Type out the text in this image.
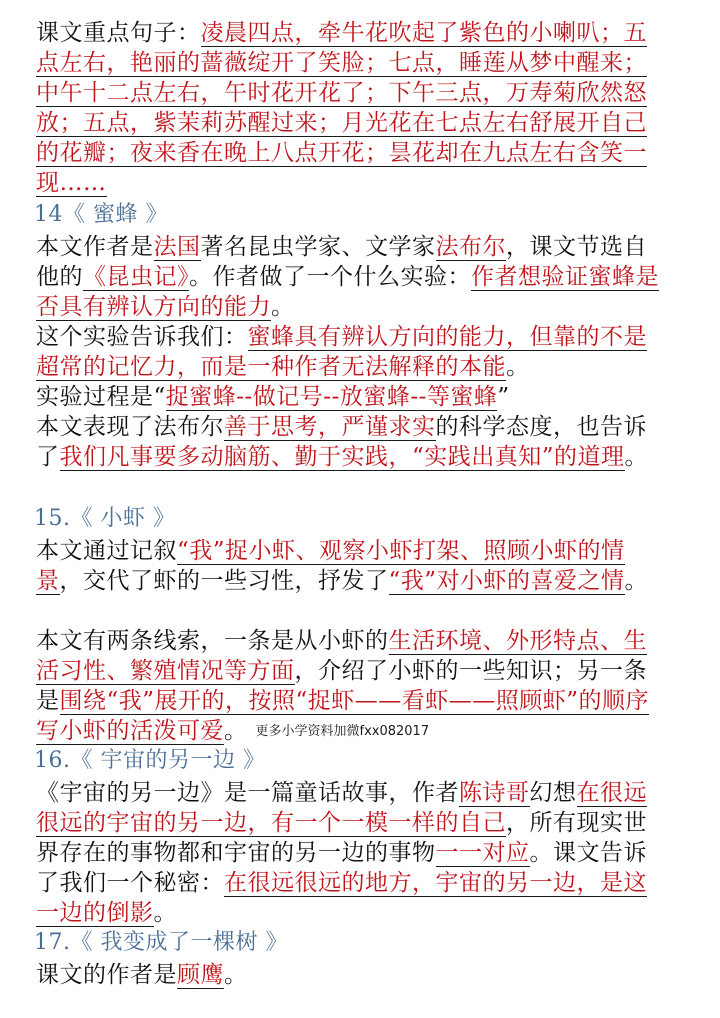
课文重点句子：凌晨四点，牵牛花吹起了紫色的小喇叭；五点左右，艳丽的蔷薇绽开了笑脸；七点，睡莲从梦中醒来；中午十二点左右，午时花开花了；下午三点，万寿菊欣然怒放；五点，紫茉莉苏醒过来；月光花在七点左右舒展开自己的花瓣；夜来香在晚上八点开花；昙花却在九点左右含笑一现……
14《 蜜蜂 》
本文作者是法国著名昆虫学家、文学家法布尔，课文节选自他的《昆虫记》。作者做了一个什么实验：作者想验证蜜蜂是否具有辨认方向的能力。
这个实验告诉我们：蜜蜂具有辨认方向的能力，但靠的不是超常的记忆力，而是一种作者无法解释的本能。
实验过程是“捉蜜蜂--做记号--放蜜蜂--等蜜蜂”
本文表现了法布尔善于思考，严谨求实的科学态度，也告诉了我们凡事要多动脑筋、勤于实践，“实践出真知”的道理。
15.《 小虾 》
本文通过记叙“我”捉小虾、观察小虾打架、照顾小虾的情景，交代了虾的一些习性，抒发了“我”对小虾的喜爱之情。
本文有两条线索，一条是从小虾的生活环境、外形特点、生活习性、繁殖情况等方面，介绍了小虾的一些知识；另一条是围绕“我”展开的，按照“捉虾——看虾——照顾虾”的顺序写小虾的活泼可爱。 更多小学资料加微fxx082017
16.《 宇宙的另一边 》
《宇宙的另一边》是一篇童话故事，作者陈诗哥幻想在很远很远的宇宙的另一边，有一个一模一样的自己，所有现实世界存在的事物都和宇宙的另一边的事物一一对应。课文告诉了我们一个秘密：在很远很远的地方，宇宙的另一边，是这一边的倒影。
17.《 我变成了一棵树 》
课文的作者是顾鹰。
